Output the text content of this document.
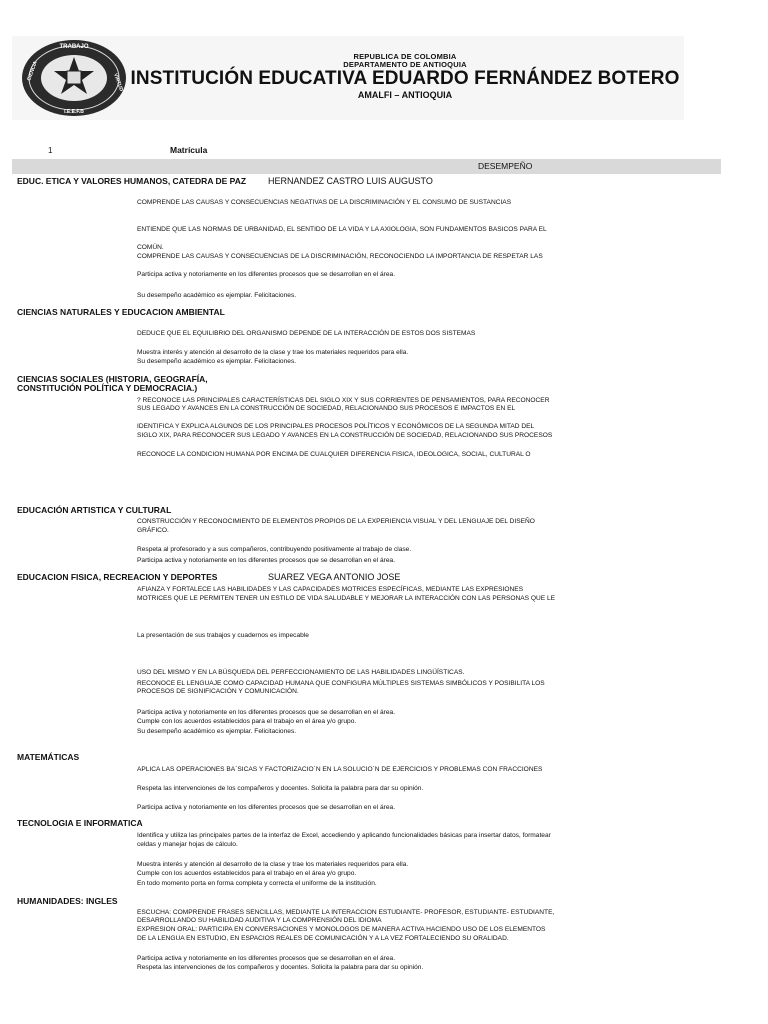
TRABAJO
CIENCIA
VIRTUD
I.E.E.F.B
REPUBLICA DE COLOMBIA
DEPARTAMENTO DE ANTIOQUIA
INSTITUCIÓN EDUCATIVA EDUARDO FERNÁNDEZ BOTERO
AMALFI – ANTIOQUIA
1	Matrícula
DESEMPEÑO
EDUC. ETICA Y VALORES HUMANOS, CATEDRA DE PAZ HERNANDEZ CASTRO LUIS AUGUSTO
COMPRENDE LAS CAUSAS Y CONSECUENCIAS NEGATIVAS DE LA DISCRIMINACIÓN Y EL CONSUMO DE SUSTANCIAS
ENTIENDE QUE LAS NORMAS DE URBANIDAD, EL SENTIDO DE LA VIDA Y LA AXIOLOGIA, SON FUNDAMENTOS BASICOS PARA EL
COMÚN.
COMPRENDE LAS CAUSAS Y CONSECUENCIAS DE LA DISCRIMINACIÓN, RECONOCIENDO LA IMPORTANCIA DE RESPETAR LAS
Participa activa y notoriamente en los diferentes procesos que se desarrollan en el área.
Su desempeño académico es ejemplar. Felicitaciones.
CIENCIAS NATURALES Y EDUCACION AMBIENTAL
DEDUCE QUE EL EQUILIBRIO DEL ORGANISMO DEPENDE DE LA INTERACCIÓN DE ESTOS DOS SISTEMAS
Muestra interés y atención al desarrollo de la clase y trae los materiales requeridos para ella.
Su desempeño académico es ejemplar. Felicitaciones.
CIENCIAS SOCIALES (HISTORIA, GEOGRAFÍA,
CONSTITUCIÓN POLÍTICA Y DEMOCRACIA.)
? RECONOCE LAS PRINCIPALES CARACTERÍSTICAS DEL SIGLO XIX Y SUS CORRIENTES DE PENSAMIENTOS, PARA RECONOCER
SUS LEGADO Y AVANCES EN LA CONSTRUCCIÓN DE SOCIEDAD, RELACIONANDO SUS PROCESOS E IMPACTOS EN EL
IDENTIFICA Y EXPLICA ALGUNOS DE LOS PRINCIPALES PROCESOS POLÍTICOS Y ECONÓMICOS DE LA SEGUNDA MITAD DEL
SIGLO XIX, PARA RECONOCER SUS LEGADO Y AVANCES EN LA CONSTRUCCIÓN DE SOCIEDAD, RELACIONANDO SUS PROCESOS
RECONOCE LA CONDICION HUMANA POR ENCIMA DE CUALQUIER DIFERENCIA FISICA, IDEOLOGICA, SOCIAL, CULTURAL O
EDUCACIÓN ARTISTICA Y CULTURAL
CONSTRUCCIÓN Y RECONOCIMIENTO DE ELEMENTOS PROPIOS DE LA EXPERIENCIA VISUAL Y DEL LENGUAJE DEL DISEÑO
GRÁFICO.
Respeta al profesorado y a sus compañeros, contribuyendo positivamente al trabajo de clase.
Participa activa y notoriamente en los diferentes procesos que se desarrollan en el área.
EDUCACION FISICA, RECREACION Y DEPORTES	SUAREZ VEGA ANTONIO JOSE
AFIANZA Y FORTALECE LAS HABILIDADES Y LAS CAPACIDADES MOTRICES ESPECÍFICAS, MEDIANTE LAS EXPRESIONES
MOTRICES QUE LE PERMITEN TENER UN ESTILO DE VIDA SALUDABLE Y MEJORAR LA INTERACCIÓN CON LAS PERSONAS QUE LE
La presentación de sus trabajos y cuadernos es impecable
USO DEL MISMO Y EN LA BÚSQUEDA DEL PERFECCIONAMIENTO DE LAS HABILIDADES LINGÜÍSTICAS.
RECONOCE EL LENGUAJE COMO CAPACIDAD HUMANA QUE CONFIGURA MÚLTIPLES SISTEMAS SIMBÓLICOS Y POSIBILITA LOS
PROCESOS DE SIGNIFICACIÓN Y COMUNICACIÓN.
Participa activa y notoriamente en los diferentes procesos que se desarrollan en el área.
Cumple con los acuerdos establecidos para el trabajo en el área y/o grupo.
Su desempeño académico es ejemplar. Felicitaciones.
MATEMÁTICAS
APLICA LAS OPERACIONES BA´SICAS Y FACTORIZACIO´N EN LA SOLUCIO´N DE EJERCICIOS Y PROBLEMAS CON FRACCIONES
Respeta las intervenciones de los compañeros y docentes. Solicita la palabra para dar su opinión.
Participa activa y notoriamente en los diferentes procesos que se desarrollan en el área.
TECNOLOGIA E INFORMATICA
Identifica y utiliza las principales partes de la interfaz de Excel, accediendo y aplicando funcionalidades básicas para insertar datos, formatear
celdas y manejar hojas de cálculo.
Muestra interés y atención al desarrollo de la clase y trae los materiales requeridos para ella.
Cumple con los acuerdos establecidos para el trabajo en el área y/o grupo.
En todo momento porta en forma completa y correcta el uniforme de la institución.
HUMANIDADES: INGLES
ESCUCHA: COMPRENDE FRASES SENCILLAS, MEDIANTE LA INTERACCION ESTUDIANTE- PROFESOR, ESTUDIANTE- ESTUDIANTE,
DESARROLLANDO SU HABILIDAD AUDITIVA Y LA COMPRENSIÓN DEL IDIOMA
EXPRESION ORAL: PARTICIPA EN CONVERSACIONES Y MONOLOGOS DE MANERA ACTIVA HACIENDO USO DE LOS ELEMENTOS
DE LA LENGUA EN ESTUDIO, EN ESPACIOS REALES DE COMUNICACIÓN Y A LA VEZ FORTALECIENDO SU ORALIDAD.
Participa activa y notoriamente en los diferentes procesos que se desarrollan en el área.
Respeta las intervenciones de los compañeros y docentes. Solicita la palabra para dar su opinión.
